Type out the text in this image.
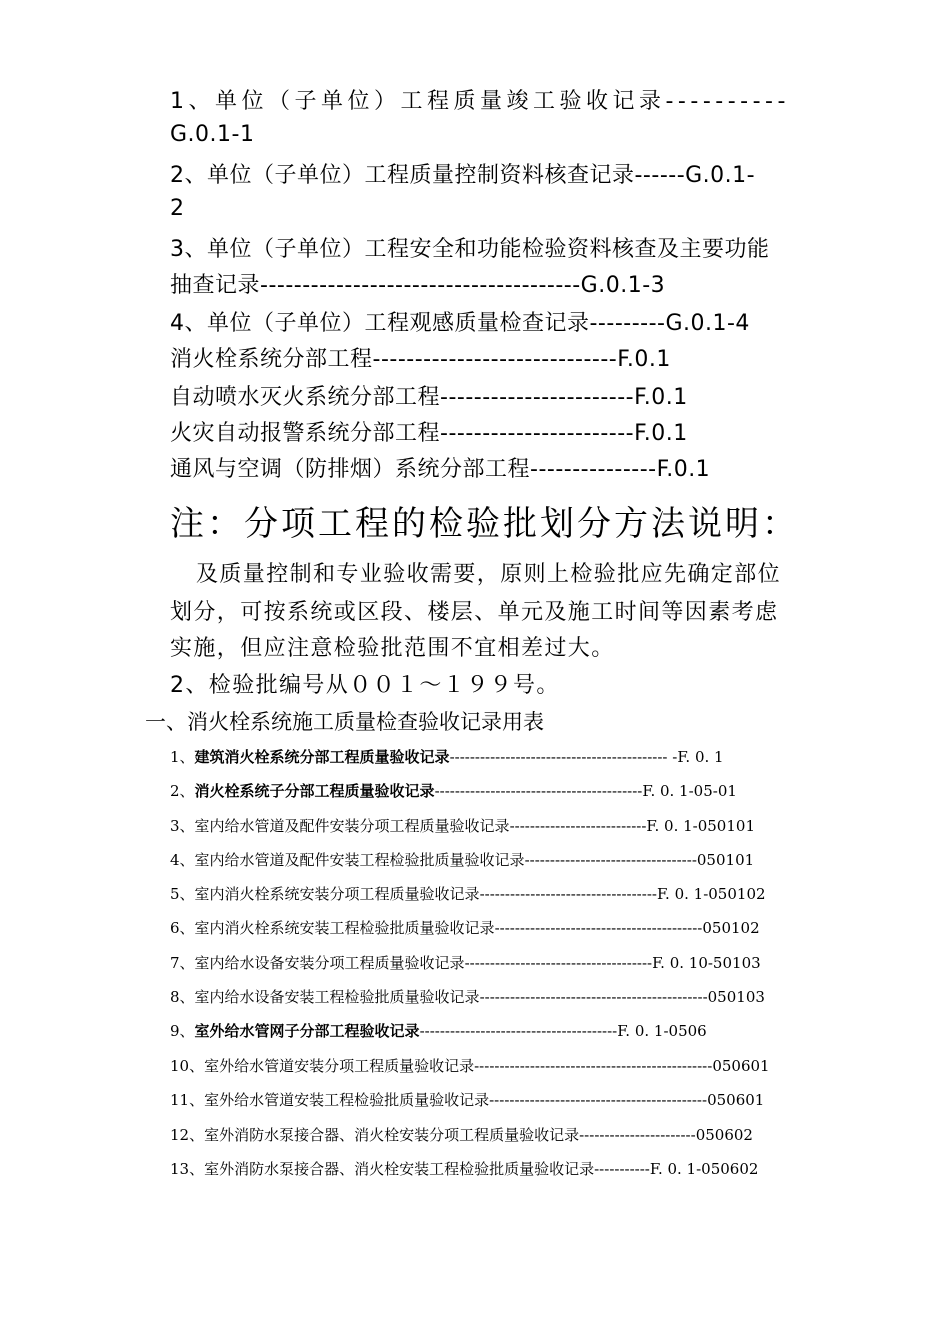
1、单位（子单位）工程质量竣工验收记录----------
G.0.1-1
2、单位（子单位）工程质量控制资料核查记录------G.0.1-
2
3、单位（子单位）工程安全和功能检验资料核查及主要功能
抽查记录--------------------------------------G.0.1-3
4、单位（子单位）工程观感质量检查记录---------G.0.1-4
消火栓系统分部工程-----------------------------F.0.1
自动喷水灭火系统分部工程-----------------------F.0.1
火灾自动报警系统分部工程-----------------------F.0.1
通风与空调（防排烟）系统分部工程---------------F.0.1
注：分项工程的检验批划分方法说明：
及质量控制和专业验收需要，原则上检验批应先确定部位
划分，可按系统或区段、楼层、单元及施工时间等因素考虑
实施，但应注意检验批范围不宜相差过大。
2、检验批编号从００１～１９９号。
一、消火栓系统施工质量检查验收记录用表
1、建筑消火栓系统分部工程质量验收记录------------------------------------------- -F. 0. 1
2、消火栓系统子分部工程质量验收记录-----------------------------------------F. 0. 1-05-01
3、室内给水管道及配件安装分项工程质量验收记录---------------------------F. 0. 1-050101
4、室内给水管道及配件安装工程检验批质量验收记录----------------------------------050101
5、室内消火栓系统安装分项工程质量验收记录-----------------------------------F. 0. 1-050102
6、室内消火栓系统安装工程检验批质量验收记录-----------------------------------------050102
7、室内给水设备安装分项工程质量验收记录-------------------------------------F. 0. 10-50103
8、室内给水设备安装工程检验批质量验收记录---------------------------------------------050103
9、室外给水管网子分部工程验收记录---------------------------------------F. 0. 1-0506
10、室外给水管道安装分项工程质量验收记录-----------------------------------------------050601
11、室外给水管道安装工程检验批质量验收记录-------------------------------------------050601
12、室外消防水泵接合器、消火栓安装分项工程质量验收记录-----------------------050602
13、室外消防水泵接合器、消火栓安装工程检验批质量验收记录-----------F. 0. 1-050602
